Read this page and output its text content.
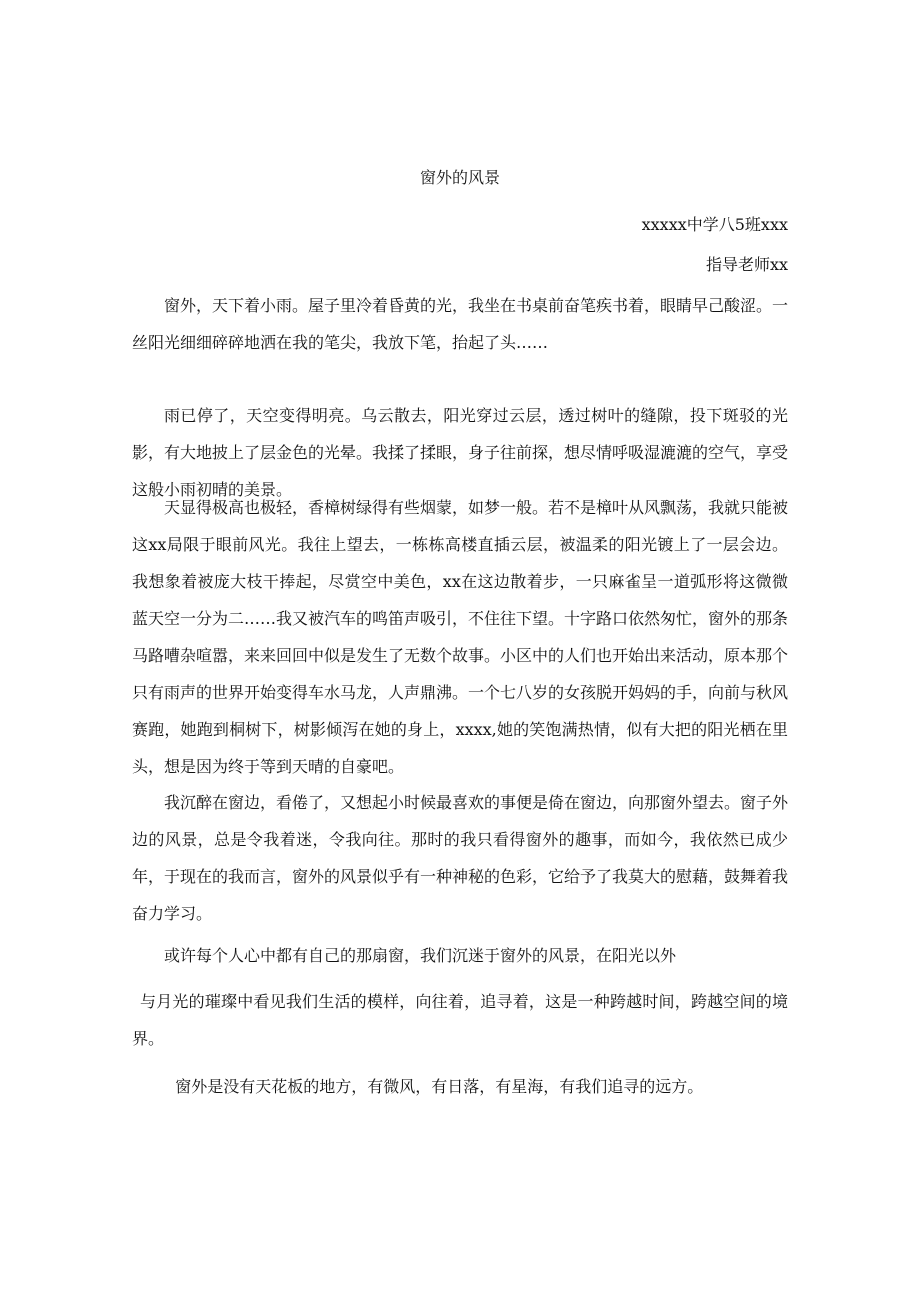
窗外的风景
xxxxx中学八5班xxx
指导老师xx

窗外，天下着小雨。屋子里冷着昏黄的光，我坐在书桌前奋笔疾书着，眼睛早己酸涩。一丝阳光细细碎碎地洒在我的笔尖，我放下笔，抬起了头……

雨已停了，天空变得明亮。乌云散去，阳光穿过云层，透过树叶的缝隙，投下斑驳的光影，有大地披上了层金色的光晕。我揉了揉眼，身子往前探，想尽情呼吸湿漉漉的空气，享受这般小雨初晴的美景。

天显得极高也极轻，香樟树绿得有些烟蒙，如梦一般。若不是樟叶从风飘荡，我就只能被这xx局限于眼前风光。我往上望去，一栋栋高楼直插云层，被温柔的阳光镀上了一层会边。我想象着被庞大枝干捧起，尽赏空中美色，xx在这边散着步，一只麻雀呈一道弧形将这微微蓝天空一分为二……我又被汽车的鸣笛声吸引，不住往下望。十字路口依然匆忙，窗外的那条马路嘈杂喧嚣，来来回回中似是发生了无数个故事。小区中的人们也开始出来活动，原本那个只有雨声的世界开始变得车水马龙，人声鼎沸。一个七八岁的女孩脱开妈妈的手，向前与秋风赛跑，她跑到桐树下，树影倾泻在她的身上，xxxx,她的笑饱满热情，似有大把的阳光栖在里头，想是因为终于等到天晴的自豪吧。

我沉醉在窗边，看倦了，又想起小时候最喜欢的事便是倚在窗边，向那窗外望去。窗子外边的风景，总是令我着迷，令我向往。那时的我只看得窗外的趣事，而如今，我依然已成少年，于现在的我而言，窗外的风景似乎有一种神秘的色彩，它给予了我莫大的慰藉，鼓舞着我奋力学习。

或许每个人心中都有自己的那扇窗，我们沉迷于窗外的风景，在阳光以外

与月光的璀璨中看见我们生活的模样，向往着，追寻着，这是一种跨越时间，跨越空间的境界。

窗外是没有天花板的地方，有微风，有日落，有星海，有我们追寻的远方。
